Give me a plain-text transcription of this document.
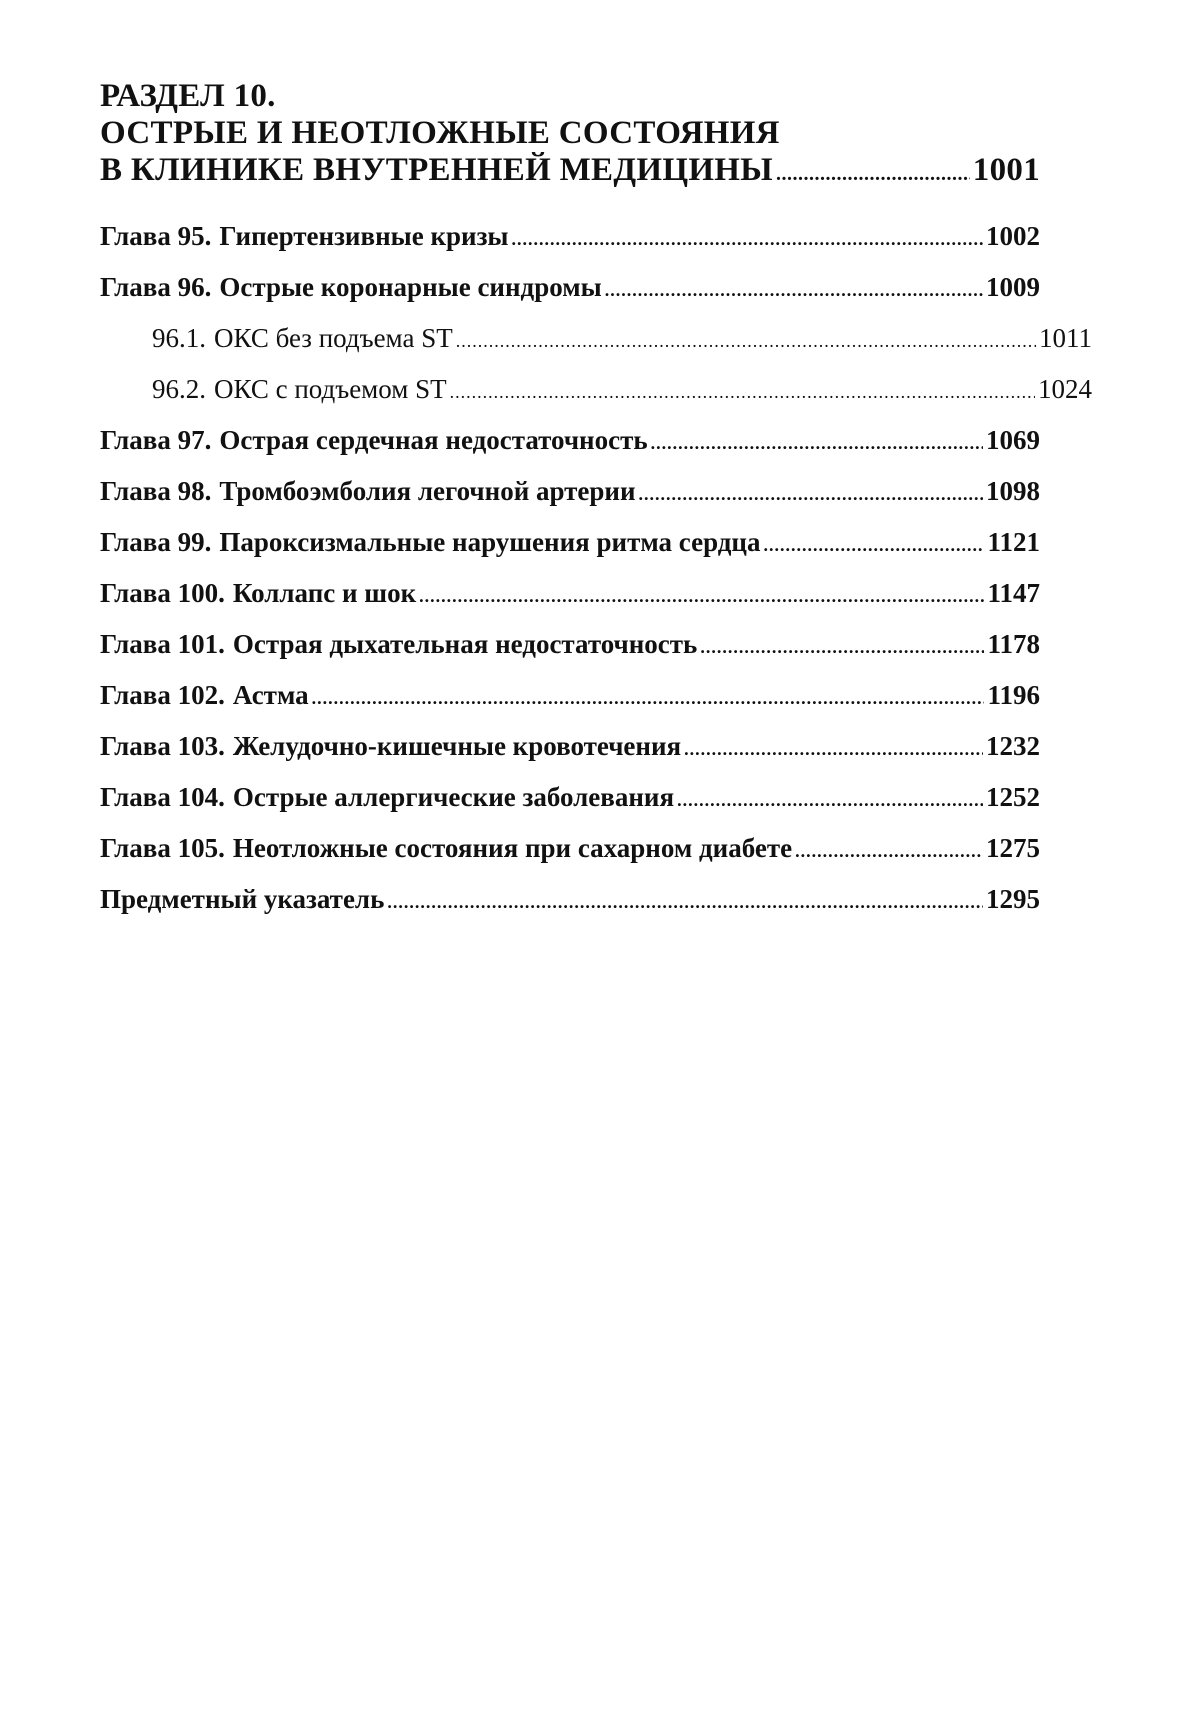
РАЗДЕЛ 10.
ОСТРЫЕ И НЕОТЛОЖНЫЕ СОСТОЯНИЯ
В КЛИНИКЕ ВНУТРЕННЕЙ МЕДИЦИНЫ .....	1001
Глава 95. Гипертензивные кризы .....	1002
Глава 96. Острые коронарные синдромы .....	1009
96.1. ОКС без подъема ST .....	1011
96.2. ОКС с подъемом ST .....	1024
Глава 97. Острая сердечная недостаточность .....	1069
Глава 98. Тромбоэмболия легочной артерии .....	1098
Глава 99. Пароксизмальные нарушения ритма сердца .....	1121
Глава 100. Коллапс и шок .....	1147
Глава 101. Острая дыхательная недостаточность .....	1178
Глава 102. Астма .....	1196
Глава 103. Желудочно-кишечные кровотечения .....	1232
Глава 104. Острые аллергические заболевания .....	1252
Глава 105. Неотложные состояния при сахарном диабете .....	1275
Предметный указатель .....	1295
